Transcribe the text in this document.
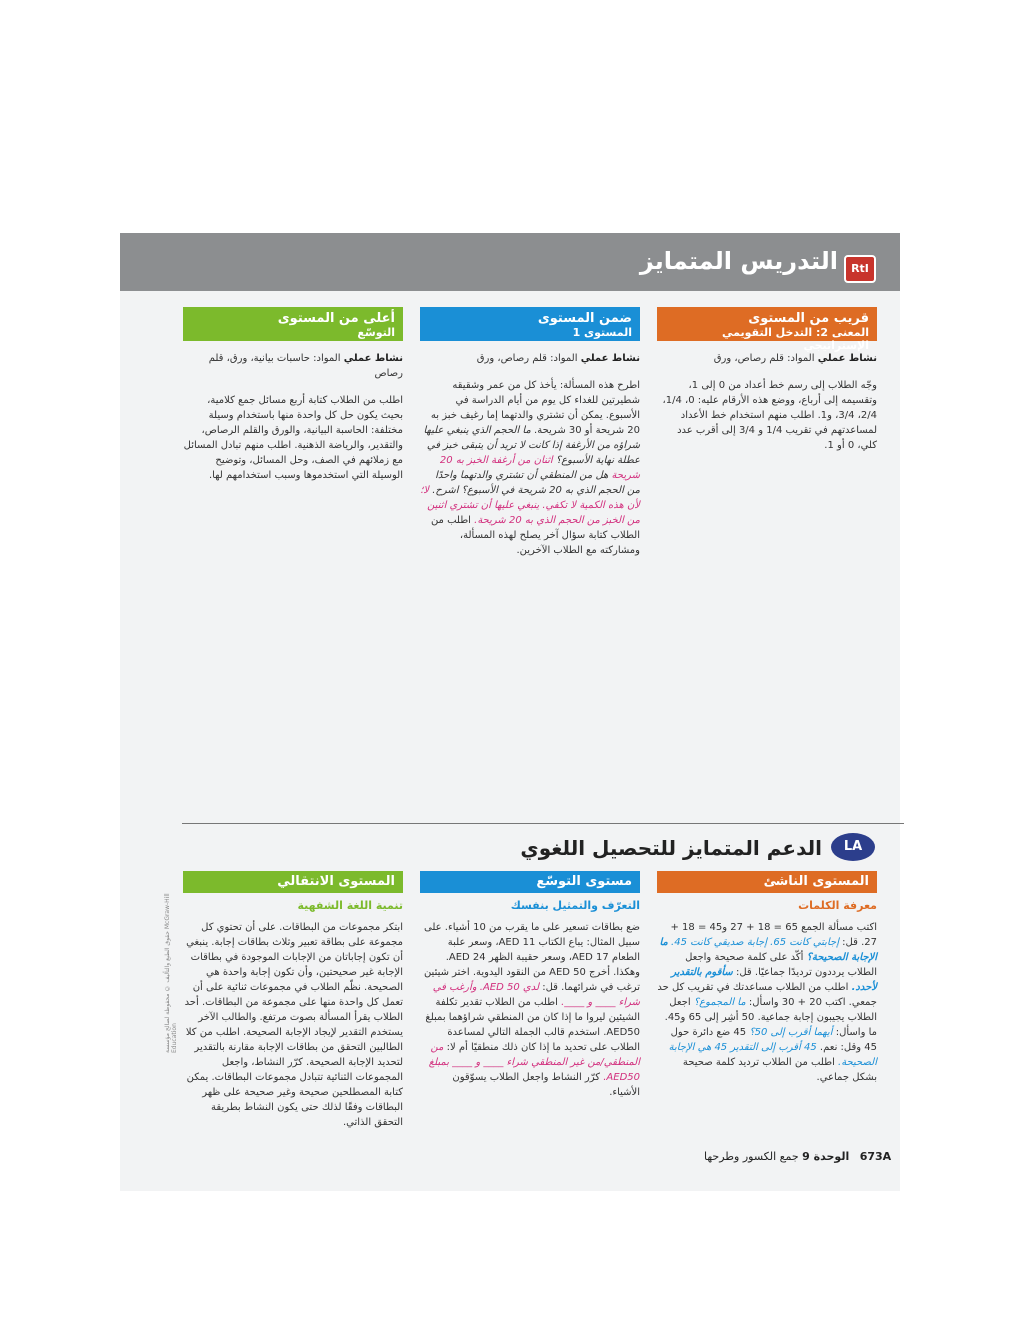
RtI
التدريس المتمايز
قريب من المستوى
المعنى 2: التدخل التقويمي الإستراتيجي

نشاط عملي المواد: قلم رصاص، ورق

وجّه الطلاب إلى رسم خط أعداد من 0 إلى 1، وتقسيمه إلى أرباع، ووضع هذه الأرقام عليه: 0، 1/4، 2/4، 3/4، و1. اطلب منهم استخدام خط الأعداد لمساعدتهم في تقريب 1/4 و 3/4 إلى أقرب عدد كلي، 0 أو 1.

ضمن المستوى
المستوى 1

نشاط عملي المواد: قلم رصاص، ورق

اطرح هذه المسألة: يأخذ كل من عمر وشقيقه شطيرتين للغداء كل يوم من أيام الدراسة في الأسبوع. يمكن أن تشتري والدتهما إما رغيف خبز به 20 شريحة أو 30 شريحة. ما الحجم الذي ينبغي عليها شراؤه من الأرغفة إذا كانت لا تريد أن يتبقى خبز في عطلة نهاية الأسبوع؟ اثنان من أرغفة الخبز به 20 شريحة هل من المنطقي أن تشتري والدتهما واحدًا من الحجم الذي به 20 شريحة في الأسبوع؟ اشرح. لا؛ لأن هذه الكمية لا تكفي. ينبغي عليها أن تشتري اثنين من الخبز من الحجم الذي به 20 شريحة. اطلب من الطلاب كتابة سؤال آخر يصلح لهذه المسألة، ومشاركته مع الطلاب الآخرين.

أعلى من المستوى
التوسّع

نشاط عملي المواد: حاسبات بيانية، ورق، قلم رصاص

اطلب من الطلاب كتابة أربع مسائل جمع كلامية، بحيث يكون حل كل واحدة منها باستخدام وسيلة مختلفة: الحاسبة البيانية، والورق والقلم الرصاص، والتقدير، والرياضة الذهنية. اطلب منهم تبادل المسائل مع زملائهم في الصف، وحل المسائل، وتوضيح الوسيلة التي استخدموها وسبب استخدامهم لها.

LA
الدعم المتمايز للتحصيل اللغوي
المستوى الناشئ
معرفة الكلمات
اكتب مسألة الجمع 65 = 18 + 27 و45 = 18 + 27. قل: إجابتي كانت 65. إجابة صديقي كانت 45. ما الإجابة الصحيحة؟ أكّد على كلمة صحيحة واجعل الطلاب يرددون ترديدًا جماعيًا. قل: سأقوم بالتقدير لأحدد. اطلب من الطلاب مساعدتك في تقريب كل حد جمعي. اكتب 20 + 30 واسأل: ما المجموع؟ اجعل الطلاب يجيبون إجابة جماعية. 50 أشِر إلى 65 و45. ما واسأل: أيهما أقرب إلى 50؟ 45 ضع دائرة حول 45 وقل: نعم. 45 أقرب إلى التقدير 45 هي الإجابة الصحيحة. اطلب من الطلاب ترديد كلمة صحيحة بشكل جماعي.
مستوى التوسّع
التعرّف والتمثيل بنفسك
ضع بطاقات تسعير على ما يقرب من 10 أشياء. على سبيل المثال: يباع الكتاب AED 11، وسعر علبة الطعام AED 17، وسعر حقيبة الظهر AED 24. وهكذا. أخرج AED 50 من النقود اليدوية. اختر شيئين ترغب في شرائهما. قل: لدي AED 50. وأرغب في شراء ____ و ____. اطلب من الطلاب تقدير تكلفة الشيئين ليروا ما إذا كان من المنطقي شراؤهما بمبلغ AED50. استخدم قالب الجملة التالي لمساعدة الطلاب على تحديد ما إذا كان ذلك منطقيًا أم لا: من المنطقي/من غير المنطقي شراء ____ و ____ بمبلغ AED50. كرّر النشاط واجعل الطلاب يسوّقون الأشياء.
المستوى الانتقالي
تنمية اللغة الشفهية
ابتكر مجموعات من البطاقات. على أن تحتوي كل مجموعة على بطاقة تعبير وثلاث بطاقات إجابة. ينبغي أن تكون إجاباتان من الإجابات الموجودة في بطاقات الإجابة غير صحيحتين، وأن تكون إجابة واحدة هي الصحيحة. نظّم الطلاب في مجموعات ثنائية على أن تعمل كل واحدة منها على مجموعة من البطاقات. أحد الطلاب يقرأ المسألة بصوت مرتفع. والطالب الآخر يستخدم التقدير لإيجاد الإجابة الصحيحة. اطلب من كلا الطالبين التحقق من بطاقات الإجابة مقارنة بالتقدير لتحديد الإجابة الصحيحة. كرّر النشاط، واجعل المجموعات الثنائية تتبادل مجموعات البطاقات. يمكن كتابة المصطلحين صحيحة وغير صحيحة على ظهر البطاقات وفقًا لذلك حتى يكون النشاط بطريقة التحقق الذاتي.
حقوق الطبع والتأليف © محفوظة لصالح مؤسسة McGraw-Hill Education
673A   الوحدة 9 جمع الكسور وطرحها
